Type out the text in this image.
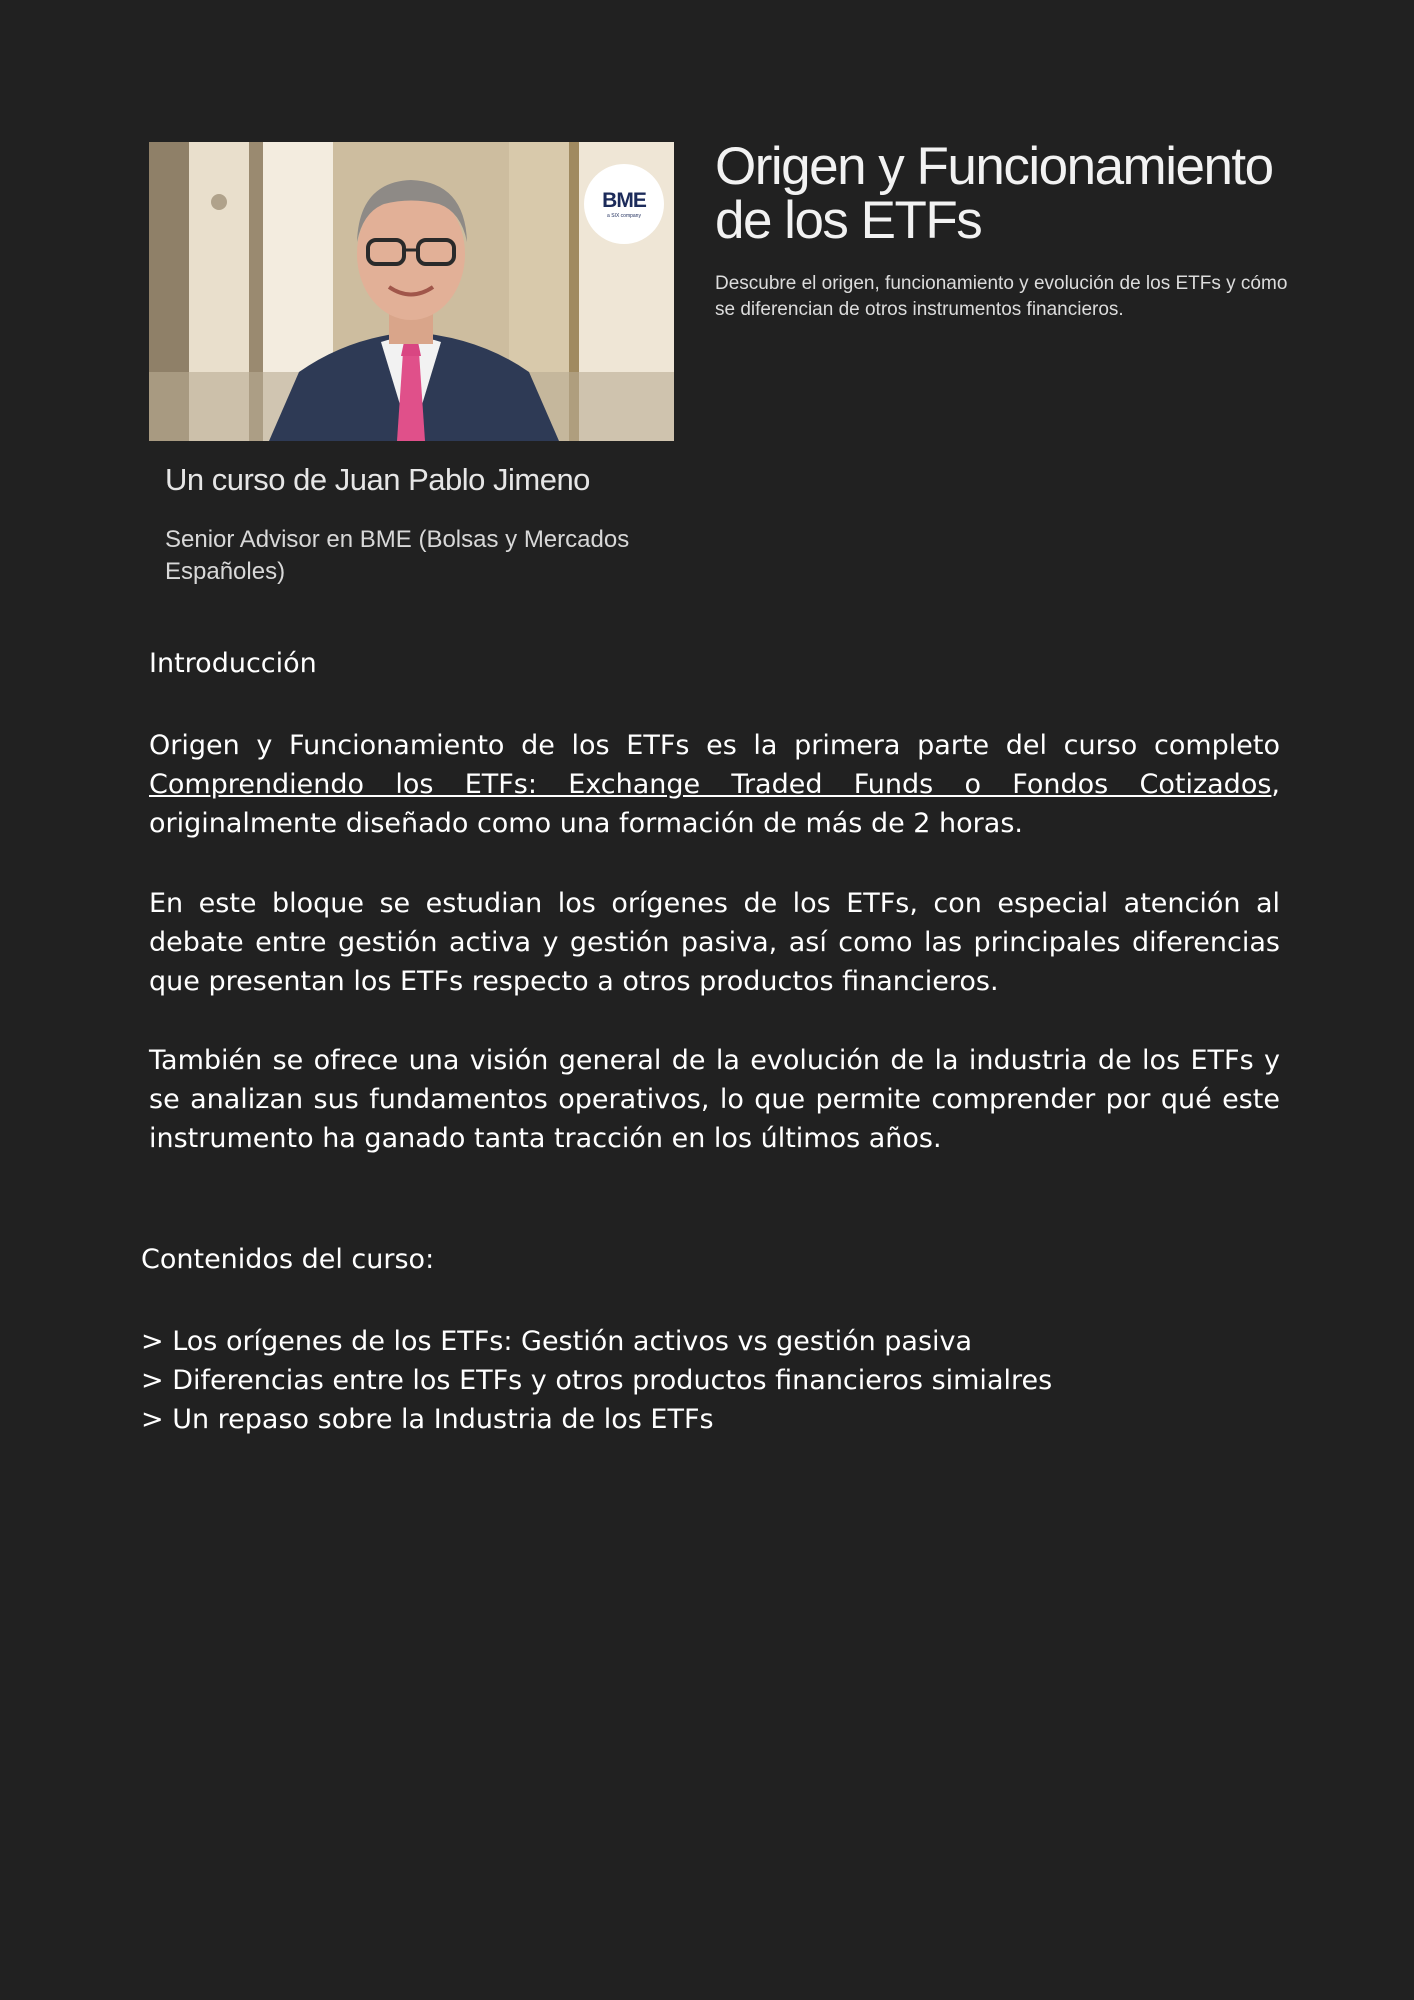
BME
a SIX company
Un curso de Juan Pablo Jimeno
Senior Advisor en BME (Bolsas y Mercados Españoles)
Origen y Funcionamiento de los ETFs
Descubre el origen, funcionamiento y evolución de los ETFs y cómo se diferencian de otros instrumentos financieros.
Introducción
Origen y Funcionamiento de los ETFs es la primera parte del curso completo Comprendiendo los ETFs: Exchange Traded Funds o Fondos Cotizados, originalmente diseñado como una formación de más de 2 horas.
En este bloque se estudian los orígenes de los ETFs, con especial atención al debate entre gestión activa y gestión pasiva, así como las principales diferencias que presentan los ETFs respecto a otros productos financieros.
También se ofrece una visión general de la evolución de la industria de los ETFs y se analizan sus fundamentos operativos, lo que permite comprender por qué este instrumento ha ganado tanta tracción en los últimos años.
Contenidos del curso:
> Los orígenes de los ETFs: Gestión activos vs gestión pasiva
> Diferencias entre los ETFs y otros productos financieros simialres
> Un repaso sobre la Industria de los ETFs
